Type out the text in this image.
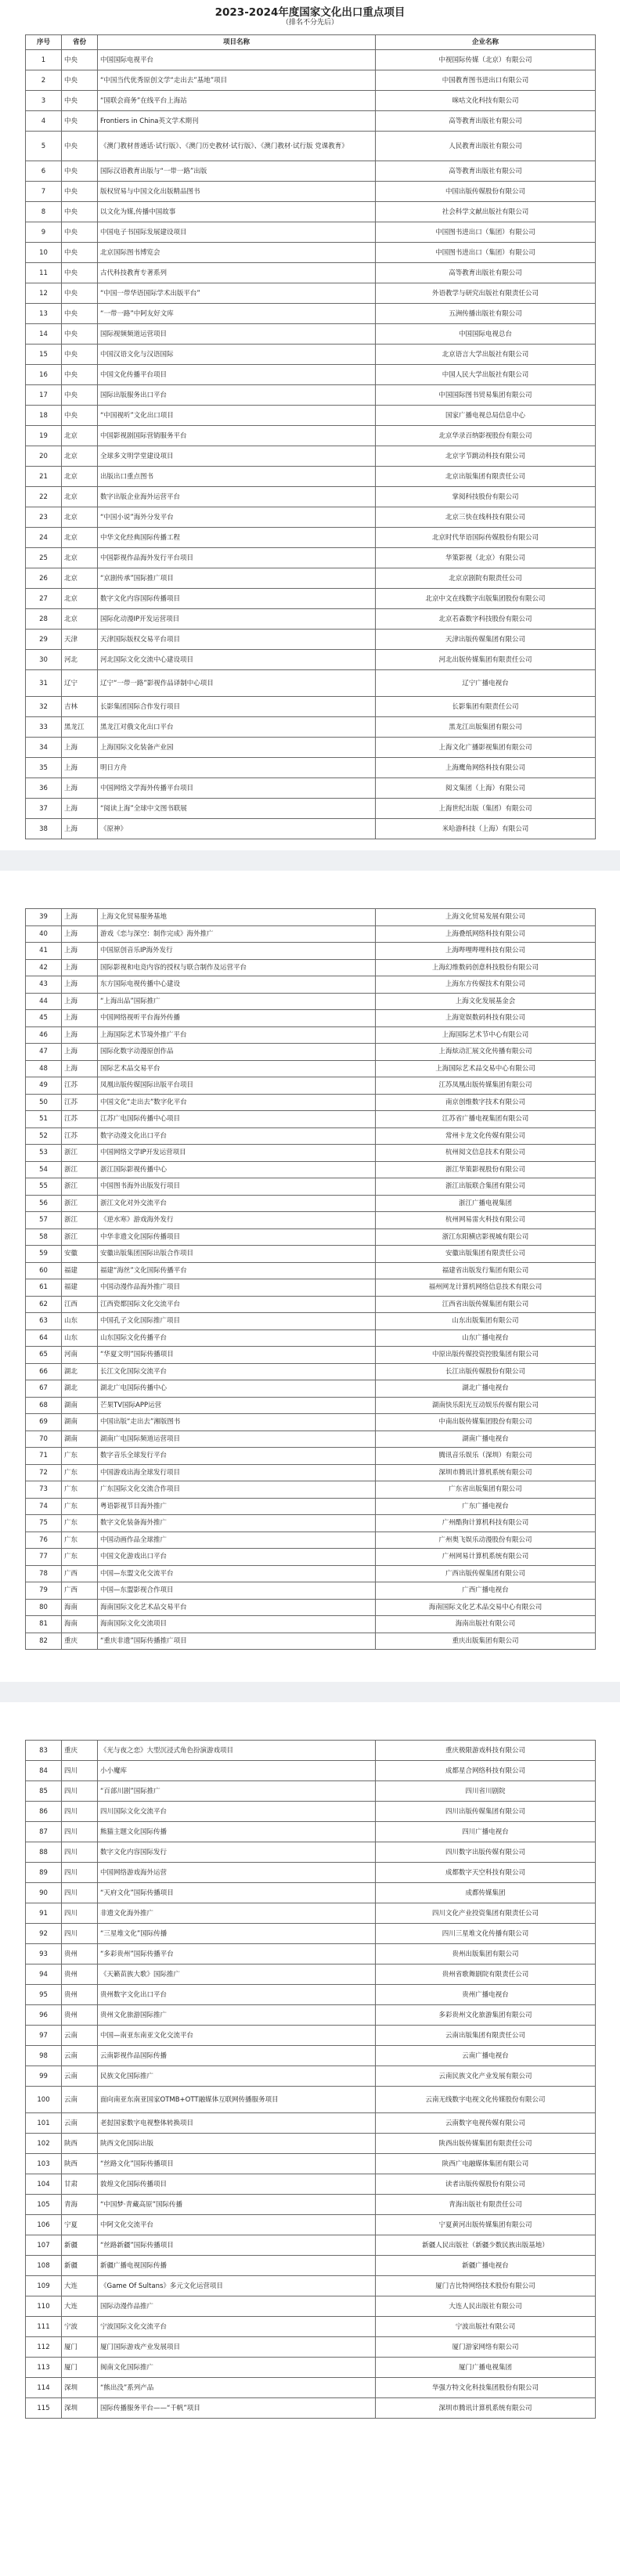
2023-2024年度国家文化出口重点项目
（排名不分先后）
序号	省份	项目名称	企业名称
1	中央	中国国际电视平台	中视国际传媒（北京）有限公司
2	中央	“中国当代优秀原创文学“走出去”基地”项目	中国教育图书进出口有限公司
3	中央	“国联会商务”在线平台上海站	咪咕文化科技有限公司
4	中央	Frontiers in China英文学术期刊	高等教育出版社有限公司
5	中央	《澳门教材普通话·试行版》、《澳门历史教材·试行版》、《澳门教材·试行版 党课教育》	人民教育出版社有限公司
6	中央	国际汉语教育出版与“一带一路”出版	高等教育出版社有限公司
7	中央	版权贸易与中国文化出版精品图书	中国出版传媒股份有限公司
8	中央	以文化为媒,传播中国故事	社会科学文献出版社有限公司
9	中央	中国电子书国际发展建设项目	中国图书进出口（集团）有限公司
10	中央	北京国际图书博览会	中国图书进出口（集团）有限公司
11	中央	古代科技教育专著系列	高等教育出版社有限公司
12	中央	“中国一带华语国际学术出版平台”	外语教学与研究出版社有限责任公司
13	中央	“一带一路”中阿友好文库	五洲传播出版社有限公司
14	中央	国际视频频道运营项目	中国国际电视总台
15	中央	中国汉语文化与汉语国际	北京语言大学出版社有限公司
16	中央	中国文化传播平台项目	中国人民大学出版社有限公司
17	中央	国际出版服务出口平台	中国国际图书贸易集团有限公司
18	中央	“中国视听”文化出口项目	国家广播电视总局信息中心
19	北京	中国影视剧国际营销服务平台	北京华录百纳影视股份有限公司
20	北京	全球多文明学堂建设项目	北京字节跳动科技有限公司
21	北京	出版出口重点图书	北京出版集团有限责任公司
22	北京	数字出版企业海外运营平台	掌阅科技股份有限公司
23	北京	“中国小说”海外分发平台	北京三快在线科技有限公司
24	北京	中华文化经典国际传播工程	北京时代华语国际传媒股份有限公司
25	北京	中国影视作品海外发行平台项目	华策影视（北京）有限公司
26	北京	“京剧传承”国际推广项目	北京京剧院有限责任公司
27	北京	数字文化内容国际传播项目	北京中文在线数字出版集团股份有限公司
28	北京	国际化动漫IP开发运营项目	北京若森数字科技股份有限公司
29	天津	天津国际版权交易平台项目	天津出版传媒集团有限公司
30	河北	河北国际文化交流中心建设项目	河北出版传媒集团有限责任公司
31	辽宁	辽宁“一带一路”影视作品译制中心项目	辽宁广播电视台
32	吉林	长影集团国际合作发行项目	长影集团有限责任公司
33	黑龙江	黑龙江对俄文化出口平台	黑龙江出版集团有限公司
34	上海	上海国际文化装备产业园	上海文化广播影视集团有限公司
35	上海	明日方舟	上海鹰角网络科技有限公司
36	上海	中国网络文学海外传播平台项目	阅文集团（上海）有限公司
37	上海	“阅读上海”全球中文图书联展	上海世纪出版（集团）有限公司
38	上海	《原神》	米哈游科技（上海）有限公司
39	上海	上海文化贸易服务基地	上海文化贸易发展有限公司
40	上海	游戏《恋与深空：制作完成》海外推广	上海叠纸网络科技有限公司
41	上海	中国原创音乐IP海外发行	上海哔哩哔哩科技有限公司
42	上海	国际影视和电竞内容的授权与联合制作及运营平台	上海幻维数码创意科技股份有限公司
43	上海	东方国际电视传播中心建设	上海东方传媒技术有限公司
44	上海	“上海出品”国际推广	上海文化发展基金会
45	上海	中国网络视听平台海外传播	上海宽娱数码科技有限公司
46	上海	上海国际艺术节境外推广平台	上海国际艺术节中心有限公司
47	上海	国际化数字动漫原创作品	上海炫动汇展文化传播有限公司
48	上海	国际艺术品交易平台	上海国际艺术品交易中心有限公司
49	江苏	凤凰出版传媒国际出版平台项目	江苏凤凰出版传媒集团有限公司
50	江苏	中国文化“走出去”数字化平台	南京创维数字技术有限公司
51	江苏	江苏广电国际传播中心项目	江苏省广播电视集团有限公司
52	江苏	数字动漫文化出口平台	常州卡龙文化传媒有限公司
53	浙江	中国网络文学IP开发运营项目	杭州阅文信息技术有限公司
54	浙江	浙江国际影视传播中心	浙江华策影视股份有限公司
55	浙江	中国图书海外出版发行项目	浙江出版联合集团有限公司
56	浙江	浙江文化对外交流平台	浙江广播电视集团
57	浙江	《逆水寒》游戏海外发行	杭州网易雷火科技有限公司
58	浙江	中华非遗文化国际传播项目	浙江东阳横店影视城有限公司
59	安徽	安徽出版集团国际出版合作项目	安徽出版集团有限责任公司
60	福建	福建“海丝”文化国际传播平台	福建省出版发行集团有限公司
61	福建	中国动漫作品海外推广项目	福州网龙计算机网络信息技术有限公司
62	江西	江西瓷都国际文化交流平台	江西省出版传媒集团有限公司
63	山东	中国孔子文化国际推广项目	山东出版集团有限公司
64	山东	山东国际文化传播平台	山东广播电视台
65	河南	“华夏文明”国际传播项目	中原出版传媒投资控股集团有限公司
66	湖北	长江文化国际交流平台	长江出版传媒股份有限公司
67	湖北	湖北广电国际传播中心	湖北广播电视台
68	湖南	芒果TV国际APP运营	湖南快乐阳光互动娱乐传媒有限公司
69	湖南	中国出版“走出去”湘版图书	中南出版传媒集团股份有限公司
70	湖南	湖南广电国际频道运营项目	湖南广播电视台
71	广东	数字音乐全球发行平台	腾讯音乐娱乐（深圳）有限公司
72	广东	中国游戏出海全球发行项目	深圳市腾讯计算机系统有限公司
73	广东	广东国际文化交流合作项目	广东省出版集团有限公司
74	广东	粤语影视节目海外推广	广东广播电视台
75	广东	数字文化装备海外推广	广州酷狗计算机科技有限公司
76	广东	中国动画作品全球推广	广州奥飞娱乐动漫股份有限公司
77	广东	中国文化游戏出口平台	广州网易计算机系统有限公司
78	广西	中国—东盟文化交流平台	广西出版传媒集团有限公司
79	广西	中国—东盟影视合作项目	广西广播电视台
80	海南	海南国际文化艺术品交易平台	海南国际文化艺术品交易中心有限公司
81	海南	海南国际文化交流项目	海南出版社有限公司
82	重庆	“重庆非遗”国际传播推广项目	重庆出版集团有限公司
83	重庆	《光与夜之恋》大型沉浸式角色扮演游戏项目	重庆极限游戏科技有限公司
84	四川	小小魔库	成都星合网络科技有限公司
85	四川	“百部川剧”国际推广	四川省川剧院
86	四川	四川国际文化交流平台	四川出版传媒集团有限公司
87	四川	熊猫主题文化国际传播	四川广播电视台
88	四川	数字文化内容国际发行	四川数字出版传媒有限公司
89	四川	中国网络游戏海外运营	成都数字天空科技有限公司
90	四川	“天府文化”国际传播项目	成都传媒集团
91	四川	非遗文化海外推广	四川文化产业投资集团有限责任公司
92	四川	“三星堆文化”国际传播	四川三星堆文化传播有限公司
93	贵州	“多彩贵州”国际传播平台	贵州出版集团有限公司
94	贵州	《天籁苗族大歌》国际推广	贵州省歌舞剧院有限责任公司
95	贵州	贵州数字文化出口平台	贵州广播电视台
96	贵州	贵州文化旅游国际推广	多彩贵州文化旅游集团有限公司
97	云南	中国—南亚东南亚文化交流平台	云南出版集团有限责任公司
98	云南	云南影视作品国际传播	云南广播电视台
99	云南	民族文化国际推广	云南民族文化产业发展有限公司
100	云南	面向南亚东南亚国家OTMB+OTT融媒体互联网传播服务项目	云南无线数字电视文化传媒股份有限公司
101	云南	老挝国家数字电视整体转换项目	云南数字电视传媒有限公司
102	陕西	陕西文化国际出版	陕西出版传媒集团有限责任公司
103	陕西	“丝路文化”国际传播项目	陕西广电融媒体集团有限公司
104	甘肃	敦煌文化国际传播项目	读者出版传媒股份有限公司
105	青海	“中国梦·青藏高原”国际传播	青海出版社有限责任公司
106	宁夏	中阿文化交流平台	宁夏黄河出版传媒集团有限公司
107	新疆	“丝路新疆”国际传播项目	新疆人民出版社（新疆少数民族出版基地）
108	新疆	新疆广播电视国际传播	新疆广播电视台
109	大连	《Game Of Sultans》多元文化运营项目	厦门吉比特网络技术股份有限公司
110	大连	国际动漫作品推广	大连人民出版社有限公司
111	宁波	宁波国际文化交流平台	宁波出版社有限公司
112	厦门	厦门国际游戏产业发展项目	厦门游家网络有限公司
113	厦门	闽南文化国际推广	厦门广播电视集团
114	深圳	“熊出没”系列产品	华强方特文化科技集团股份有限公司
115	深圳	国际传播服务平台——“千帆”项目	深圳市腾讯计算机系统有限公司
